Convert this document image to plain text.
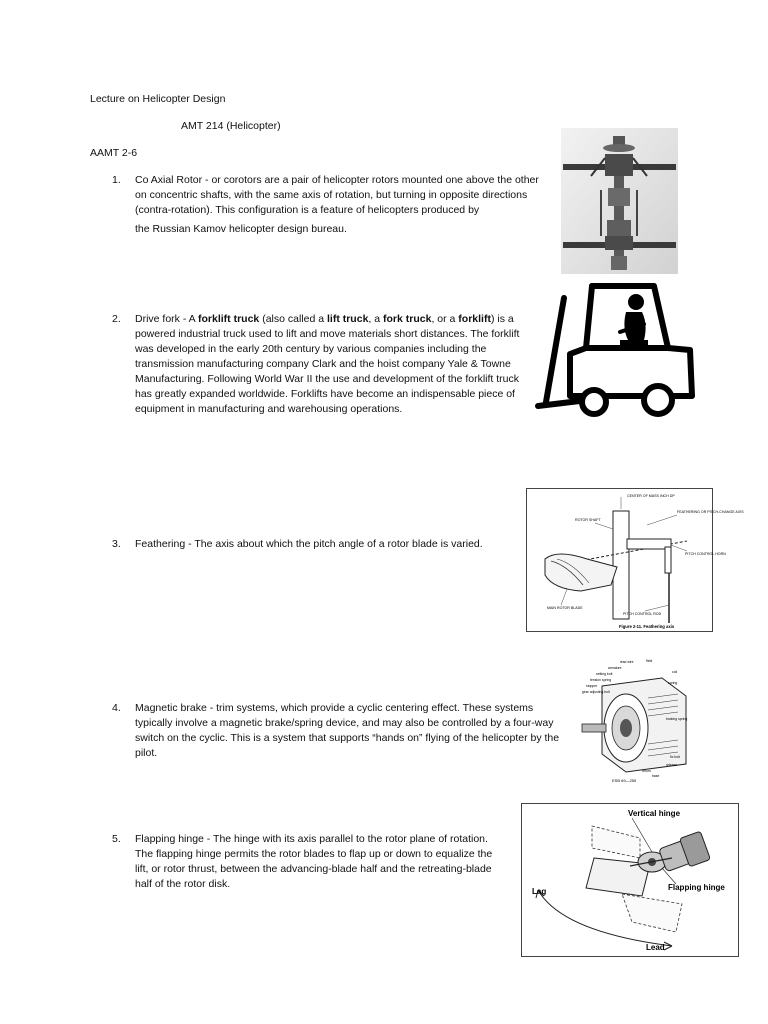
Lecture on Helicopter Design
AMT 214 (Helicopter)
AAMT 2-6
1. Co Axial Rotor - or corotors are a pair of helicopter rotors mounted one above the other
on concentric shafts, with the same axis of rotation, but turning in opposite directions
(contra-rotation). This configuration is a feature of helicopters produced by
the Russian Kamov helicopter design bureau.
2. Drive fork - A forklift truck (also called a lift truck, a fork truck, or a forklift) is a
powered industrial truck used to lift and move materials short distances. The forklift
was developed in the early 20th century by various companies including the
transmission manufacturing company Clark and the hoist company Yale & Towne
Manufacturing. Following World War II the use and development of the forklift truck
has greatly expanded worldwide. Forklifts have become an indispensable piece of
equipment in manufacturing and warehousing operations.
CENTER OF MASS INCH DP
FEATHERING OR PITCH-CHANGE AXIS
ROTOR SHAFT
PITCH CONTROL HORN
MAIN ROTOR BLADE
PITCH CONTROL ROD
Figure 2-11. Feathering axis
3. Feathering - The axis about which the pitch angle of a rotor blade is varied.
lead wire	field
armature
setting bolt	coil
spring
tension spring
stopper
gear adjusting bolt
braking spring
fix bolt
release
return
base
ESB 69—259
4. Magnetic brake - trim systems, which provide a cyclic centering effect. These systems
typically involve a magnetic brake/spring device, and may also be controlled by a four-way
switch on the cyclic. This is a system that supports “hands on” flying of the helicopter by the
pilot.
Vertical hinge
Flapping hinge
Lag
Lead
5. Flapping hinge - The hinge with its axis parallel to the rotor plane of rotation.
The flapping hinge permits the rotor blades to flap up or down to equalize the
lift, or rotor thrust, between the advancing-blade half and the retreating-blade
half of the rotor disk.
